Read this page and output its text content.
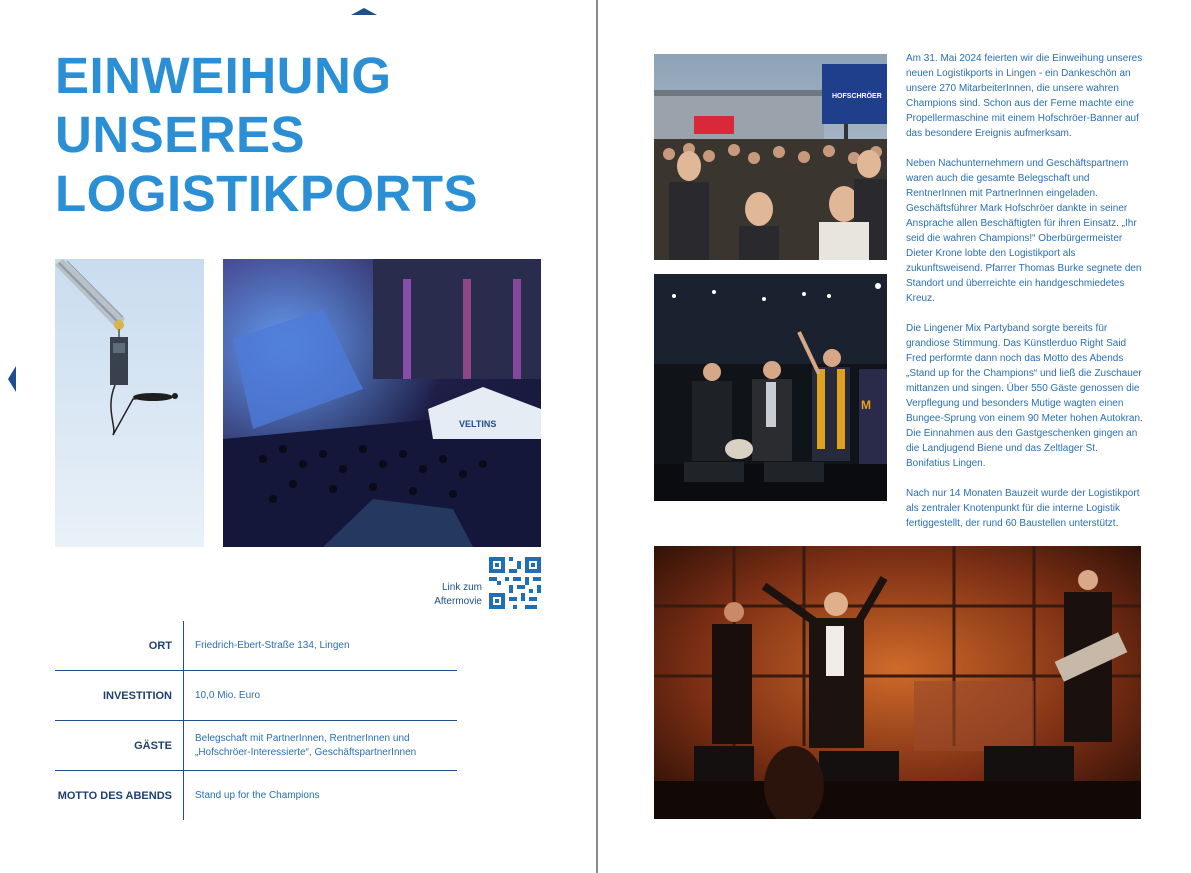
EINWEIHUNG
UNSERES
LOGISTIKPORTS
VELTINS
Link zum
Aftermovie
ORT Friedrich-Ebert-Straße 134, Lingen
INVESTITION 10,0 Mio. Euro
GÄSTE
Belegschaft mit PartnerInnen, RentnerInnen und
„Hofschröer-Interessierte“, GeschäftspartnerInnen
MOTTO DES ABENDS Stand up for the Champions
HOFSCHRÖER
M

Am 31. Mai 2024 feierten wir die Einweihung unseres neuen Logistikports in Lingen - ein Dankeschön an unsere 270 MitarbeiterInnen, die unsere wahren Champions sind. Schon aus der Ferne machte eine Propellermaschine mit einem Hofschröer-Banner auf das besondere Ereignis aufmerksam.

Neben Nachunternehmern und Geschäftspartnern waren auch die gesamte Belegschaft und RentnerInnen mit PartnerInnen eingeladen. Geschäftsführer Mark Hofschröer dankte in seiner Ansprache allen Beschäftigten für ihren Einsatz. „Ihr seid die wahren Champions!“ Oberbürgermeister Dieter Krone lobte den Logistikport als zukunftsweisend. Pfarrer Thomas Burke segnete den Standort und überreichte ein handgeschmiedetes Kreuz.

Die Lingener Mix Partyband sorgte bereits für grandiose Stimmung. Das Künstlerduo Right Said Fred performte dann noch das Motto des Abends „Stand up for the Champions“ und ließ die Zuschauer mittanzen und singen. Über 550 Gäste genossen die Verpflegung und besonders Mutige wagten einen Bungee-Sprung von einem 90 Meter hohen Autokran. Die Einnahmen aus den Gastgeschenken gingen an die Landjugend Biene und das Zeltlager St. Bonifatius Lingen.

Nach nur 14 Monaten Bauzeit wurde der Logistikport als zentraler Knotenpunkt für die interne Logistik fertiggestellt, der rund 60 Baustellen unterstützt.
